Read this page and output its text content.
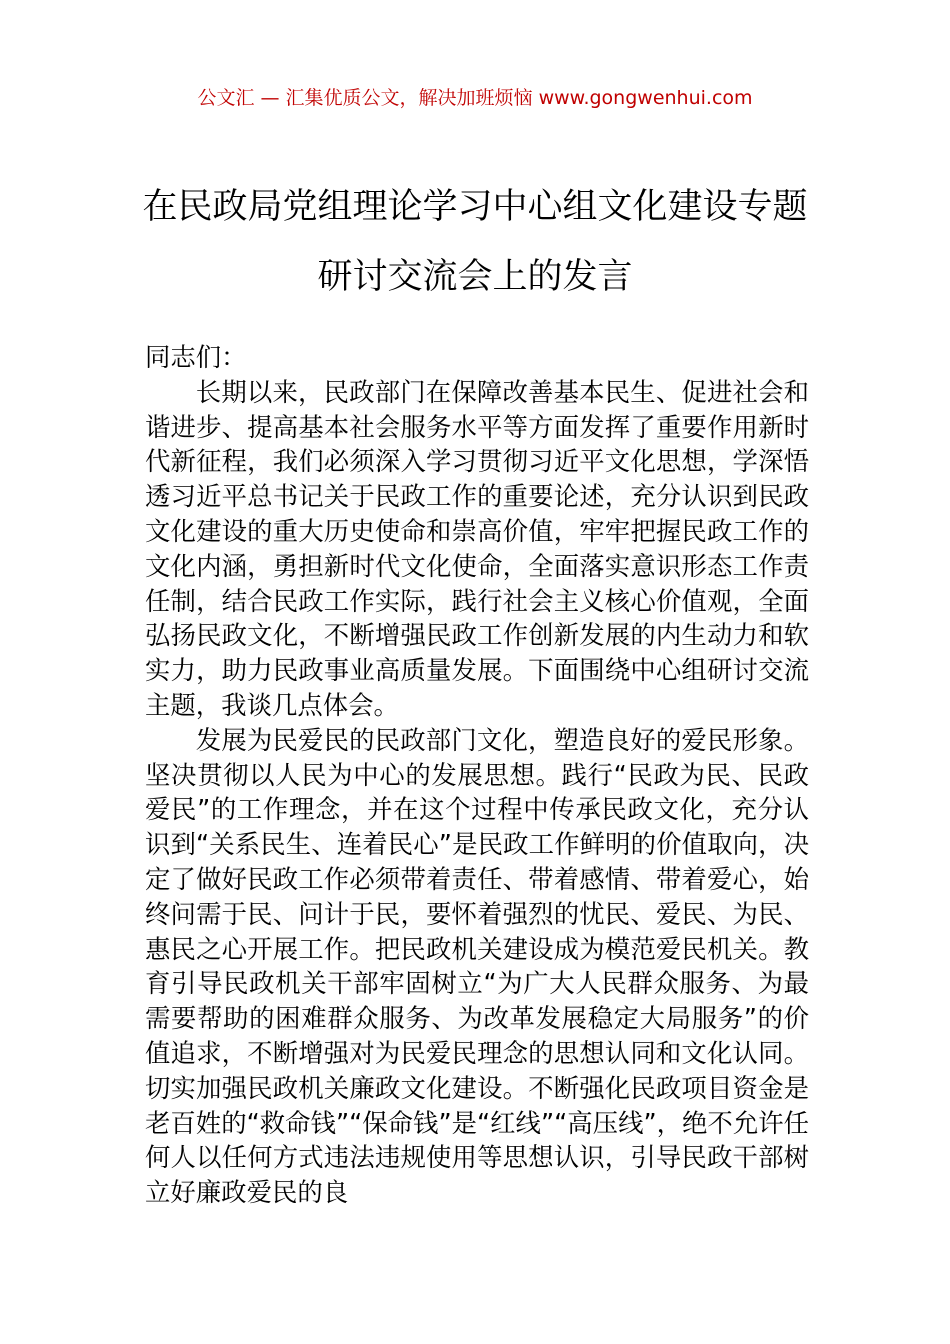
公文汇 — 汇集优质公文，解决加班烦恼 www.gongwenhui.com
在民政局党组理论学习中心组文化建设专题研讨交流会上的发言

同志们：

长期以来，民政部门在保障改善基本民生、促进社会和谐进步、提高基本社会服务水平等方面发挥了重要作用新时代新征程，我们必须深入学习贯彻习近平文化思想，学深悟透习近平总书记关于民政工作的重要论述，充分认识到民政文化建设的重大历史使命和崇高价值，牢牢把握民政工作的文化内涵，勇担新时代文化使命，全面落实意识形态工作责任制，结合民政工作实际，践行社会主义核心价值观，全面弘扬民政文化，不断增强民政工作创新发展的内生动力和软实力，助力民政事业高质量发展。下面围绕中心组研讨交流主题，我谈几点体会。

发展为民爱民的民政部门文化，塑造良好的爱民形象。坚决贯彻以人民为中心的发展思想。践行“民政为民、民政爱民”的工作理念，并在这个过程中传承民政文化，充分认识到“关系民生、连着民心”是民政工作鲜明的价值取向，决定了做好民政工作必须带着责任、带着感情、带着爱心，始终问需于民、问计于民，要怀着强烈的忧民、爱民、为民、惠民之心开展工作。把民政机关建设成为模范爱民机关。教育引导民政机关干部牢固树立“为广大人民群众服务、为最需要帮助的困难群众服务、为改革发展稳定大局服务”的价值追求，不断增强对为民爱民理念的思想认同和文化认同。切实加强民政机关廉政文化建设。不断强化民政项目资金是老百姓的“救命钱”“保命钱”是“红线”“高压线”，绝不允许任何人以任何方式违法违规使用等思想认识，引导民政干部树立好廉政爱民的良
